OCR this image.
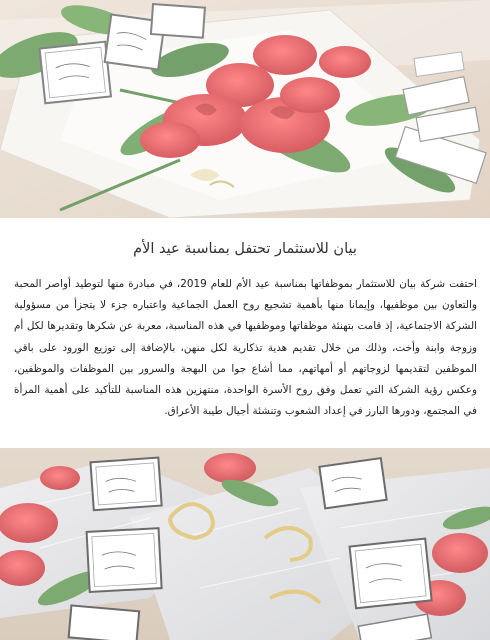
بيان للاستثمار تحتفل بمناسبة عيد الأم

احتفت شركة بيان للاستثمار بموظفاتها بمناسبة عيد الأم للعام 2019، في مبادرة منها لتوطيد أواصر المحبة والتعاون بين موظفيها، وإيمانا منها بأهمية تشجيع روح العمل الجماعية واعتباره جزء لا يتجزأ من مسؤولية الشركة الاجتماعية، إذ قامت بتهنئة موظفاتها وموظفيها في هذه المناسبة، معربة عن شكرها وتقديرها لكل أم وزوجة وابنة وأخت، وذلك من خلال تقديم هدية تذكارية لكل منهن، بالإضافة إلى توزيع الورود على باقي الموظفين لتقديمها لزوجاتهم أو أمهاتهم، مما أشاع جوا من البهجة والسرور بين الموظفات والموظفين، وعكس رؤية الشركة التي تعمل وفق روح الأسرة الواحدة، منتهزين هذه المناسبة للتأكيد على أهمية المرأة في المجتمع، ودورها البارز في إعداد الشعوب وتنشئة أجيال طيبة الأعراق.
